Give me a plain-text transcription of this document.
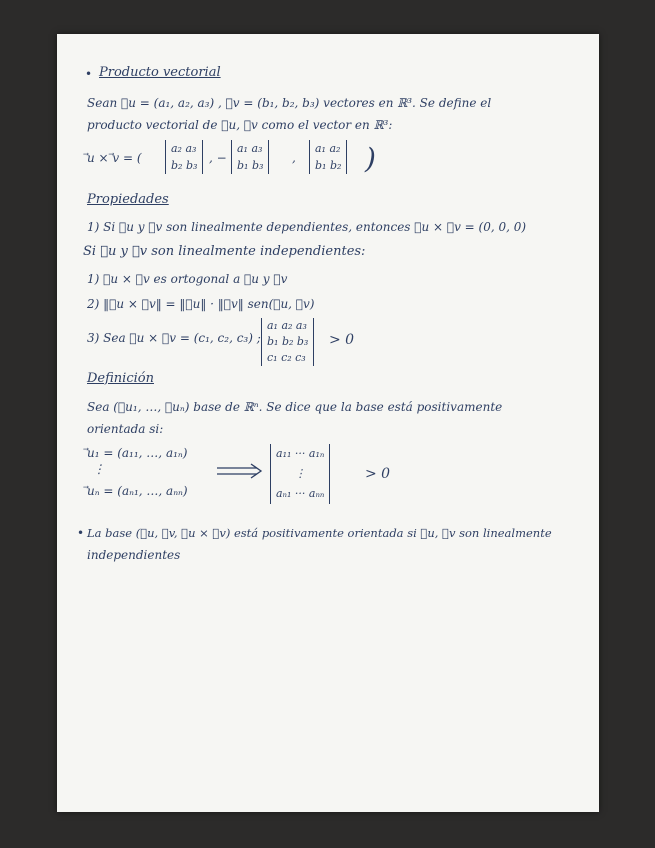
• Producto vectorial
Sean ⃗u = (a₁, a₂, a₃) , ⃗v = (b₁, b₂, b₃) vectores en ℝ³. Se define el
producto vectorial de ⃗u, ⃗v como el vector en ℝ³:
⃗u × ⃗v = (
a₂ a₃
b₂ b₃
, −
a₁ a₃
b₁ b₃
,
a₁ a₂
b₁ b₂ )
Propiedades
1) Si ⃗u y ⃗v son linealmente dependientes, entonces ⃗u × ⃗v = (0, 0, 0)
Si ⃗u y ⃗v son linealmente independientes:
1) ⃗u × ⃗v es ortogonal a ⃗u y ⃗v
2) ‖⃗u × ⃗v‖ = ‖⃗u‖ · ‖⃗v‖ sen(⃗u, ⃗v)
3) Sea ⃗u × ⃗v = (c₁, c₂, c₃) ;
a₁ a₂ a₃
b₁ b₂ b₃
c₁ c₂ c₃
> 0
Definición
Sea (⃗u₁, …, ⃗uₙ) base de ℝⁿ. Se dice que la base está positivamente
orientada si:
⃗u₁ = (a₁₁, …, a₁ₙ)
⋮
⃗uₙ = (aₙ₁, …, aₙₙ)
a₁₁ ··· a₁ₙ
⋮
aₙ₁ ··· aₙₙ
> 0
• La base (⃗u, ⃗v, ⃗u × ⃗v) está positivamente orientada si ⃗u, ⃗v son linealmente
independientes
